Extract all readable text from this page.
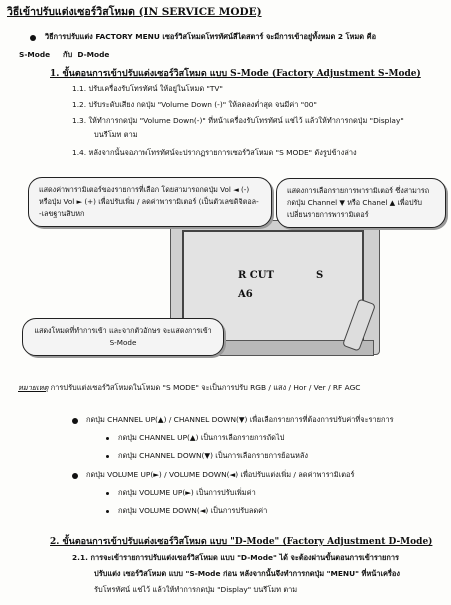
วิธีเข้าปรับแต่งเซอร์วิสโหมด (IN SERVICE MODE)
วิธีการปรับแต่ง FACTORY MENU เซอร์วิสโหมดโทรทัศน์สีไดสตาร์ จะมีการเข้าอยู่ทั้งหมด 2 โหมด คือ
S-Mode กับ D-Mode
1. ขั้นตอนการเข้าปรับแต่งเซอร์วิสโหมด แบบ S-Mode (Factory Adjustment S-Mode)
1.1. ปรับเครื่องรับโทรทัศน์ ให้อยู่ในโหมด "TV"
1.2. ปรับระดับเสียง กดปุ่ม "Volume Down (-)" ให้ลดลงต่ำสุด จนมีค่า "00"
1.3. ให้ทำการกดปุ่ม "Volume Down(-)" ที่หน้าเครื่องรับโทรทัศน์ แช่ไว้ แล้วให้ทำการกดปุ่ม "Display"
บนรีโมท ตาม
1.4. หลังจากนั้นจอภาพโทรทัศน์จะปรากฏรายการเซอร์วิสโหมด "S MODE" ดังรูปข้างล่าง
R CUT	S
A6
แสดงค่าพารามิเตอร์ของรายการที่เลือก โดยสามารถกดปุ่ม Vol ◄ (-) หรือปุ่ม Vol ► (+) เพื่อปรับเพิ่ม / ลดค่าพารามิเตอร์ (เป็นตัวเลขดิจิตอล--เลขฐานสิบหก
แสดงการเลือกรายการพารามิเตอร์ ซึ่งสามารถกดปุ่ม Channel ▼ หรือ Chanel ▲ เพื่อปรับเปลี่ยนรายการพารามิเตอร์
แสดงโหมดที่ทำการเข้า และจากตัวอักษร จะแสดงการเข้า S-Mode
หมายเหตุ การปรับแต่งเซอร์วิสโหมดในโหมด "S MODE" จะเป็นการปรับ RGB / แสง / Hor / Ver / RF AGC
กดปุ่ม CHANNEL UP(▲) / CHANNEL DOWN(▼) เพื่อเลือกรายการที่ต้องการปรับค่าที่จะรายการ
กดปุ่ม CHANNEL UP(▲) เป็นการเลือกรายการถัดไป
กดปุ่ม CHANNEL DOWN(▼) เป็นการเลือกรายการย้อนหลัง
กดปุ่ม VOLUME UP(►) / VOLUME DOWN(◄) เพื่อปรับแต่งเพิ่ม / ลดค่าพารามิเตอร์
กดปุ่ม VOLUME UP(►) เป็นการปรับเพิ่มค่า
กดปุ่ม VOLUME DOWN(◄) เป็นการปรับลดค่า
2. ขั้นตอนการเข้าปรับแต่งเซอร์วิสโหมด แบบ "D-Mode" (Factory Adjustment D-Mode)
2.1. การจะเข้ารายการปรับแต่งเซอร์วิสโหมด แบบ "D-Mode" ได้ จะต้องผ่านขั้นตอนการเข้ารายการ
ปรับแต่ง เซอร์วิสโหมด แบบ "S-Mode ก่อน หลังจากนั้นจึงทำการกดปุ่ม "MENU" ที่หน้าเครื่อง
รับโทรทัศน์ แช่ไว้ แล้วให้ทำการกดปุ่ม "Display" บนรีโมท ตาม
